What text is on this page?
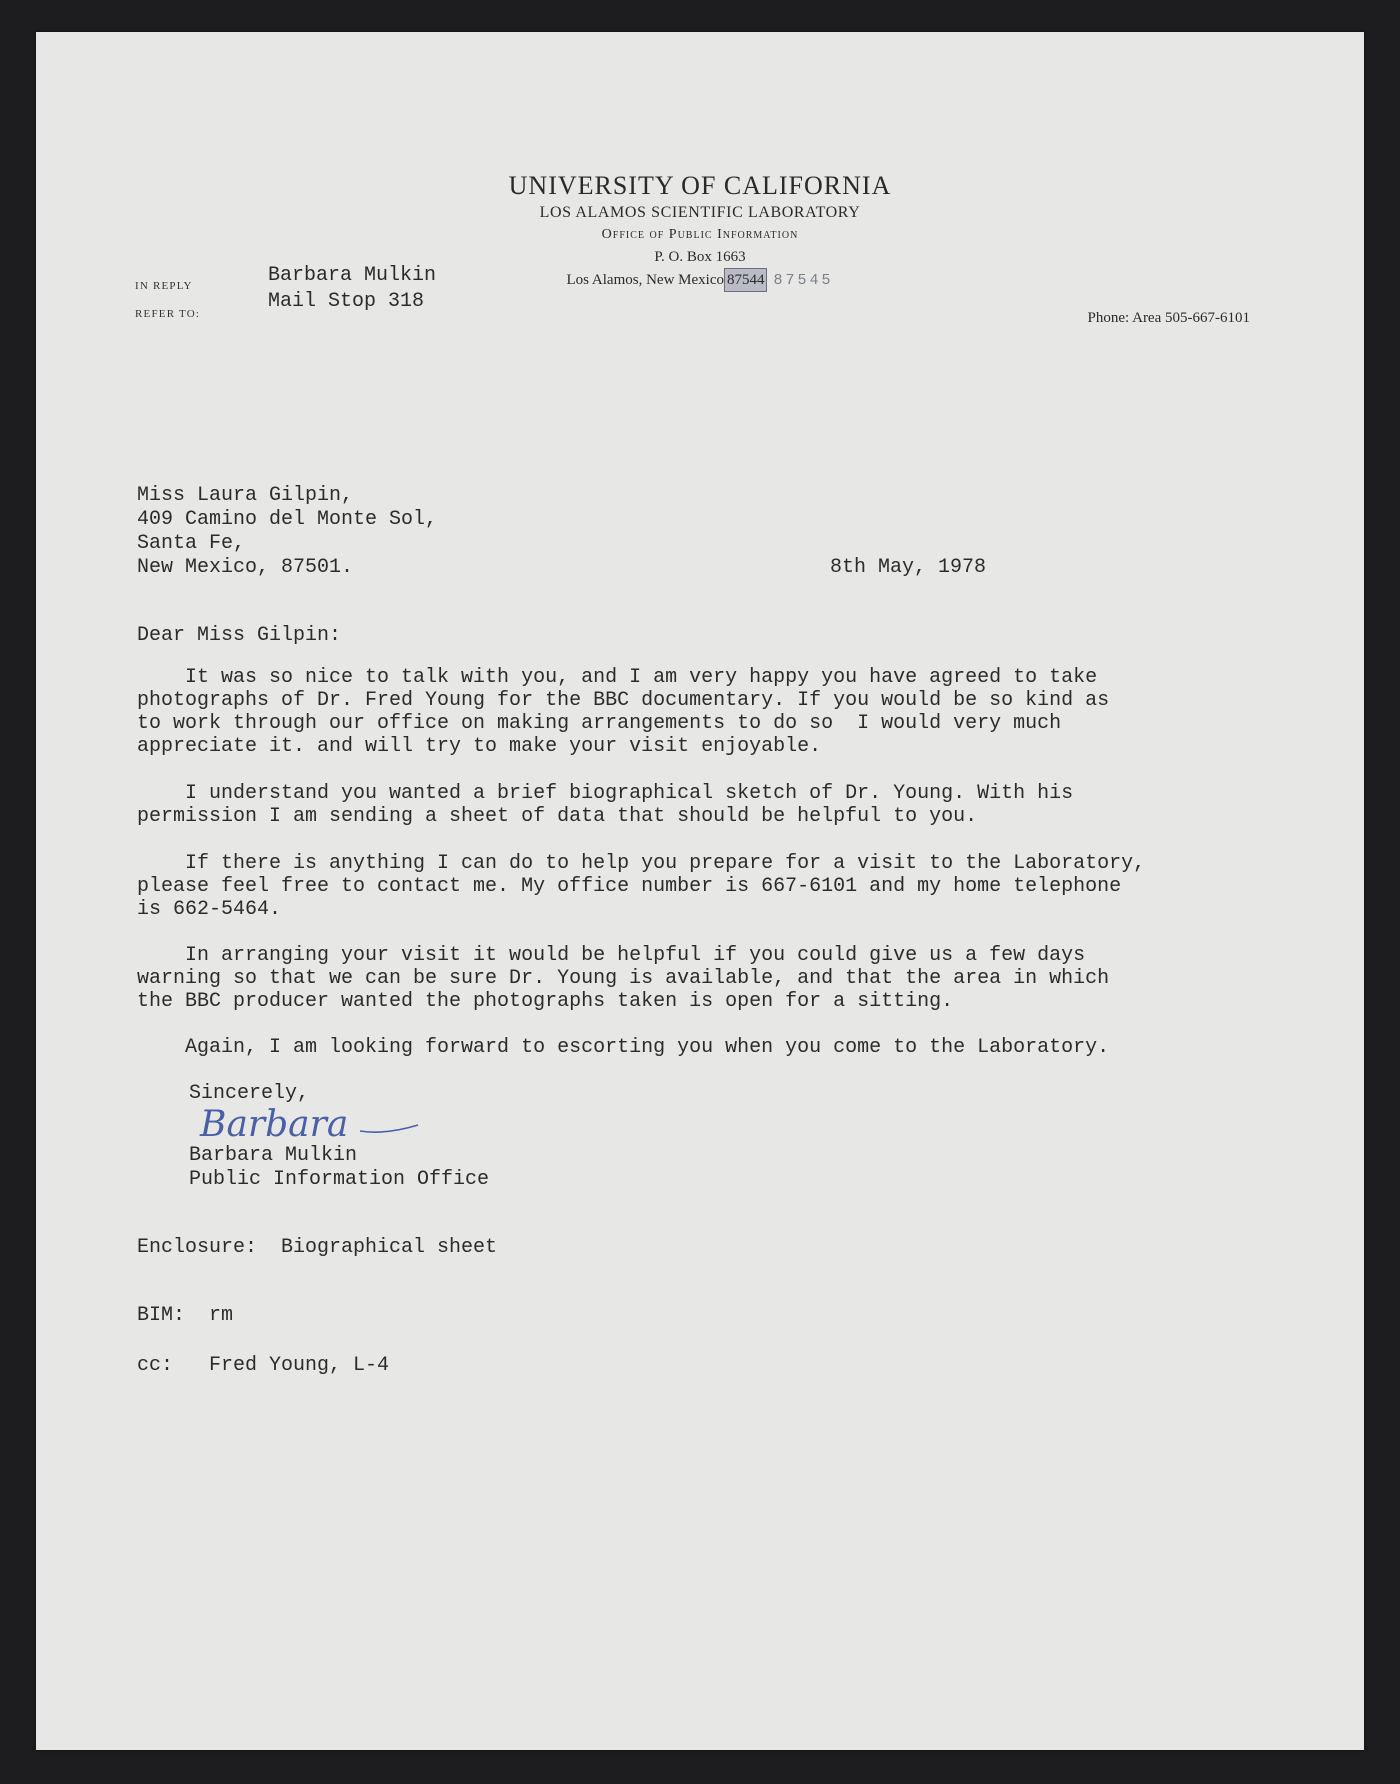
UNIVERSITY OF CALIFORNIA
LOS ALAMOS SCIENTIFIC LABORATORY
Office of Public Information
P. O. Box 1663
Los Alamos, New Mexico 87544 87545
IN REPLY
REFER TO:
Barbara Mulkin
Mail Stop 318
Phone: Area 505-667-6101
Miss Laura Gilpin,
409 Camino del Monte Sol,
Santa Fe,
New Mexico, 87501.	8th May, 1978
Dear Miss Gilpin:
It was so nice to talk with you, and I am very happy you have agreed to take
photographs of Dr. Fred Young for the BBC documentary. If you would be so kind as
to work through our office on making arrangements to do so  I would very much
appreciate it. and will try to make your visit enjoyable.
I understand you wanted a brief biographical sketch of Dr. Young. With his
permission I am sending a sheet of data that should be helpful to you.
If there is anything I can do to help you prepare for a visit to the Laboratory,
please feel free to contact me. My office number is 667-6101 and my home telephone
is 662-5464.
In arranging your visit it would be helpful if you could give us a few days
warning so that we can be sure Dr. Young is available, and that the area in which
the BBC producer wanted the photographs taken is open for a sitting.
Again, I am looking forward to escorting you when you come to the Laboratory.
Sincerely,
Barbara
Barbara Mulkin
Public Information Office
Enclosure:  Biographical sheet
BIM:  rm
cc:   Fred Young, L-4
